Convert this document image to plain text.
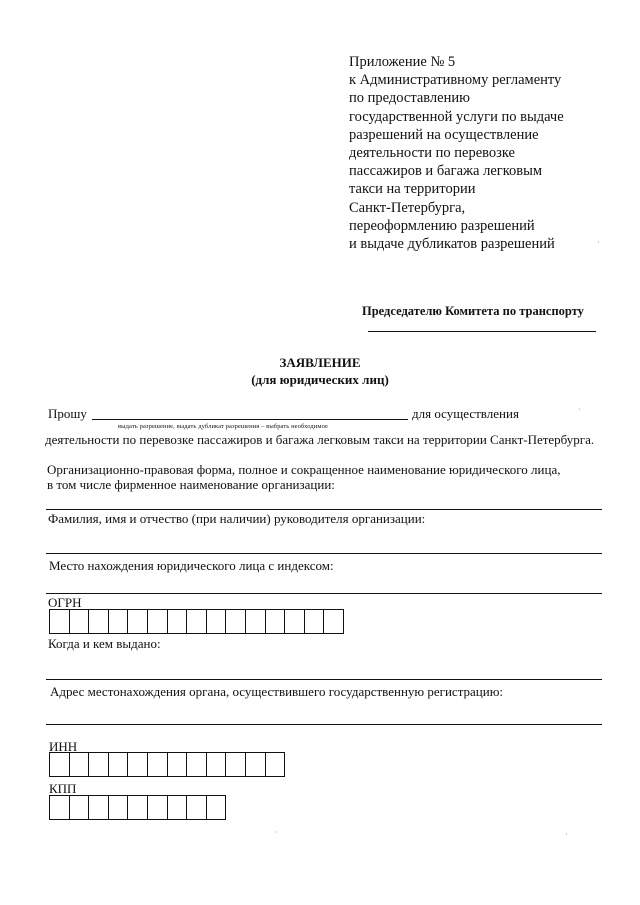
Приложение № 5
к Административному регламенту
по предоставлению
государственной услуги по выдаче
разрешений на осуществление
деятельности по перевозке
пассажиров и багажа легковым
такси на территории
Санкт-Петербурга,
переоформлению разрешений
и выдаче дубликатов разрешений
Председателю Комитета по транспорту
ЗАЯВЛЕНИЕ
(для юридических лиц)
Прошу	для осуществления
выдать разрешение, выдать дубликат разрешения – выбрать необходимое
деятельности по перевозке пассажиров и багажа легковым такси на территории Санкт-Петербурга.
Организационно-правовая форма, полное и сокращенное наименование юридического лица,
в том числе фирменное наименование организации:
Фамилия, имя и отчество (при наличии) руководителя организации:
Место нахождения юридического лица с индексом:
ОГРН
Когда и кем выдано:
Адрес местонахождения органа, осуществившего государственную регистрацию:
ИНН
КПП
·
·	·
·
